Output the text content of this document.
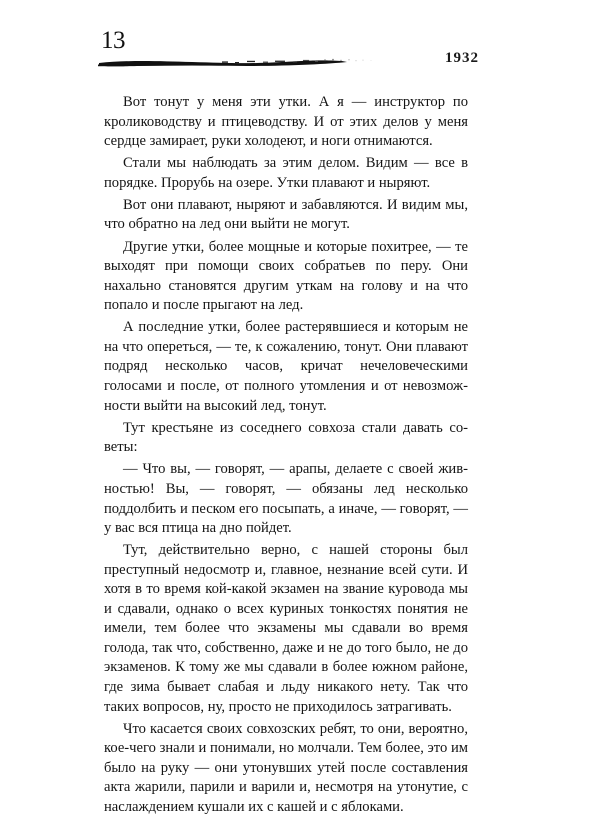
13
1932

Вот тонут у меня эти утки. А я — инструктор по кролиководству и птицеводству. И от этих делов у меня сердце замирает, руки холодеют, и ноги отнимаются.

Стали мы наблюдать за этим делом. Видим — все в порядке. Прорубь на озере. Утки плавают и ныряют.

Вот они плавают, ныряют и забавляются. И видим мы, что обратно на лед они выйти не могут.

Другие утки, более мощные и которые похитрее, — те выходят при помощи своих собратьев по перу. Они нахально становятся другим уткам на голову и на что попало и после прыгают на лед.

А последние утки, более растерявшиеся и которым не на что опереться, — те, к сожалению, тонут. Они плавают подряд несколько часов, кричат нечеловеческими голосами и после, от полного утомления и от невозможности выйти на высокий лед, тонут.

Тут крестьяне из соседнего совхоза стали давать советы:

— Что вы, — говорят, — арапы, делаете с своей живностью! Вы, — говорят, — обязаны лед несколько поддолбить и песком его посыпать, а иначе, — говорят, — у вас вся птица на дно пойдет.

Тут, действительно верно, с нашей стороны был преступный недосмотр и, главное, незнание всей сути. И хотя в то время кой-какой экзамен на звание куровода мы и сдавали, однако о всех куриных тонкостях понятия не имели, тем более что экзамены мы сдавали во время голода, так что, собственно, даже и не до того было, не до экзаменов. К тому же мы сдавали в более южном районе, где зима бывает слабая и льду никакого нету. Так что таких вопросов, ну, просто не приходилось затрагивать.

Что касается своих совхозских ребят, то они, вероятно, кое-чего знали и понимали, но молчали. Тем более, это им было на руку — они утонувших утей после составления акта жарили, парили и варили и, несмотря на утонутие, с наслаждением кушали их с кашей и с яблоками.
